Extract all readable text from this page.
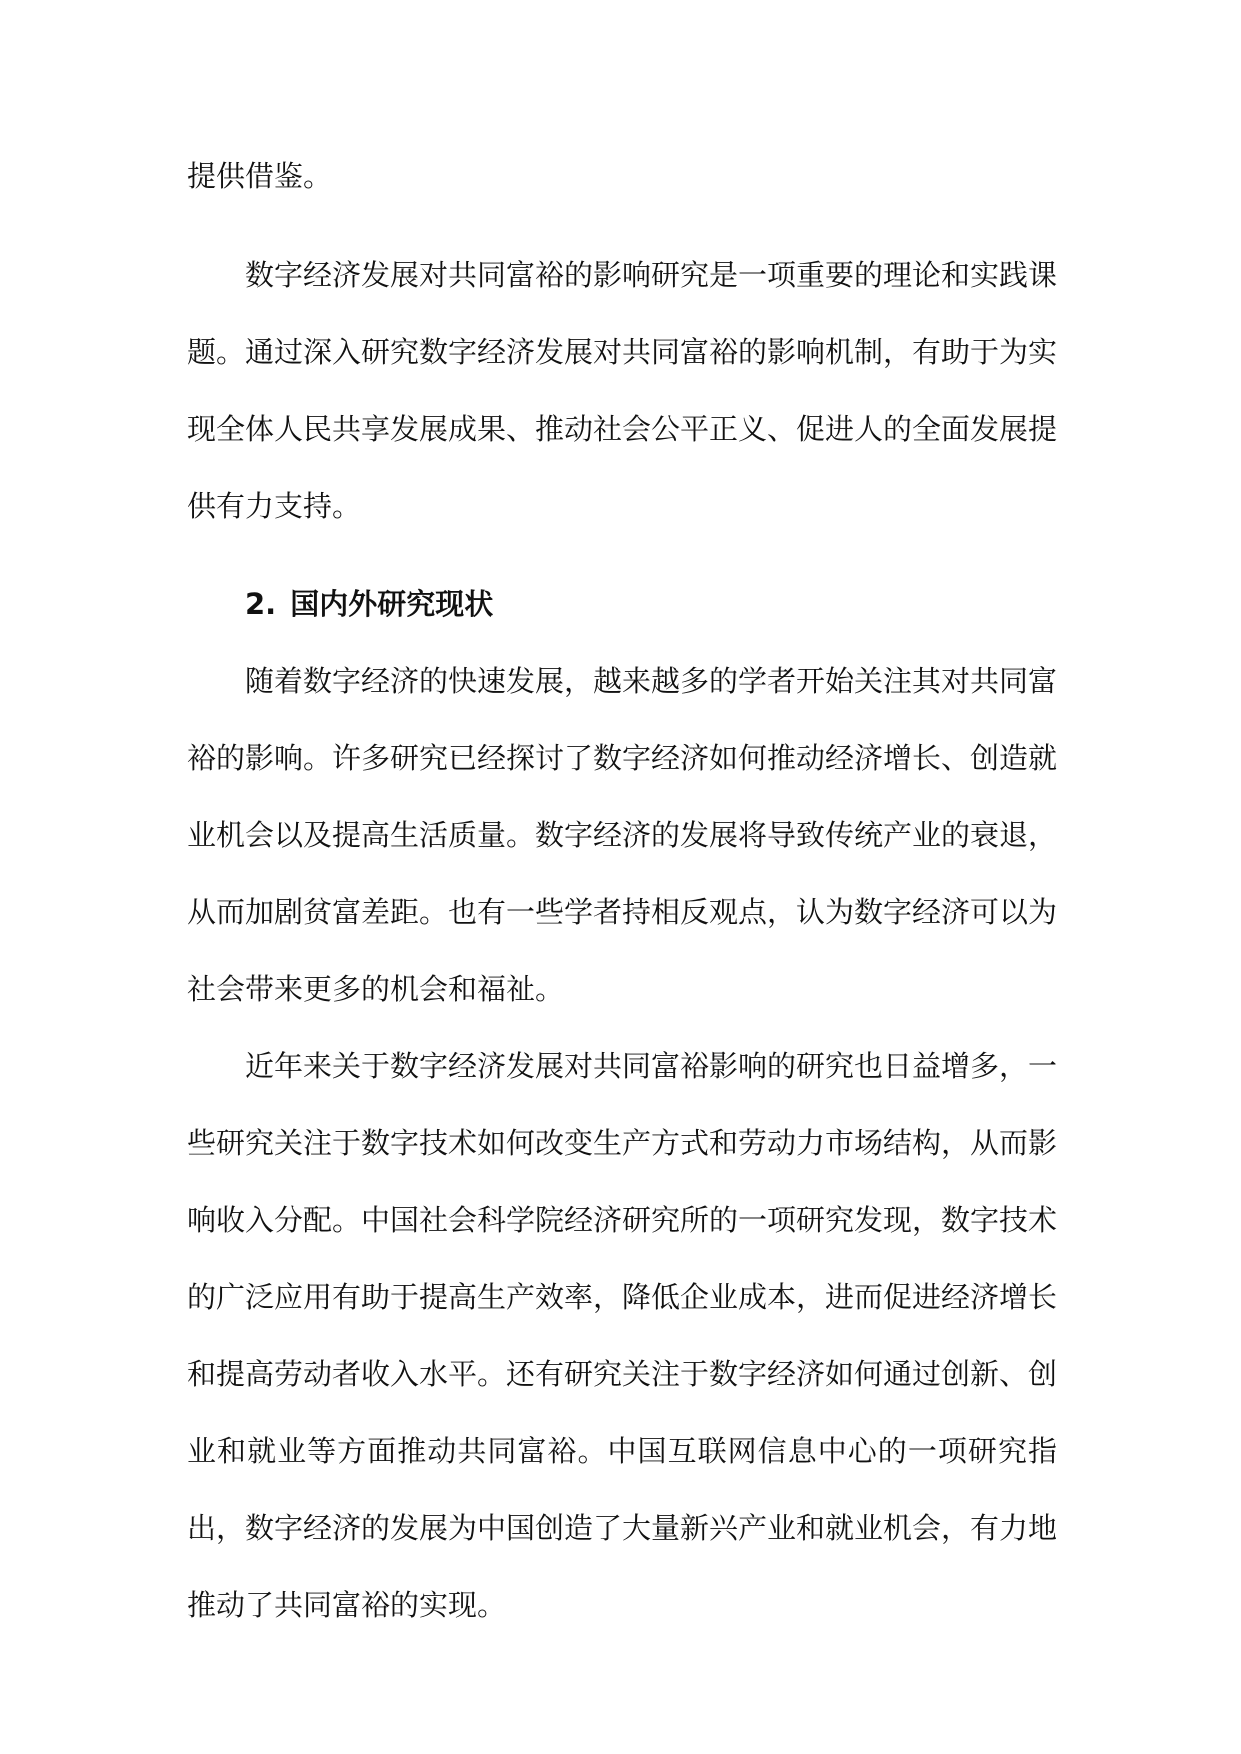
提供借鉴。

数字经济发展对共同富裕的影响研究是一项重要的理论和实践课题。通过深入研究数字经济发展对共同富裕的影响机制，有助于为实现全体人民共享发展成果、推动社会公平正义、促进人的全面发展提供有力支持。

2. 国内外研究现状

随着数字经济的快速发展，越来越多的学者开始关注其对共同富裕的影响。许多研究已经探讨了数字经济如何推动经济增长、创造就业机会以及提高生活质量。数字经济的发展将导致传统产业的衰退，从而加剧贫富差距。也有一些学者持相反观点，认为数字经济可以为社会带来更多的机会和福祉。

近年来关于数字经济发展对共同富裕影响的研究也日益增多，一些研究关注于数字技术如何改变生产方式和劳动力市场结构，从而影响收入分配。中国社会科学院经济研究所的一项研究发现，数字技术的广泛应用有助于提高生产效率，降低企业成本，进而促进经济增长和提高劳动者收入水平。还有研究关注于数字经济如何通过创新、创业和就业等方面推动共同富裕。中国互联网信息中心的一项研究指出，数字经济的发展为中国创造了大量新兴产业和就业机会，有力地推动了共同富裕的实现。
